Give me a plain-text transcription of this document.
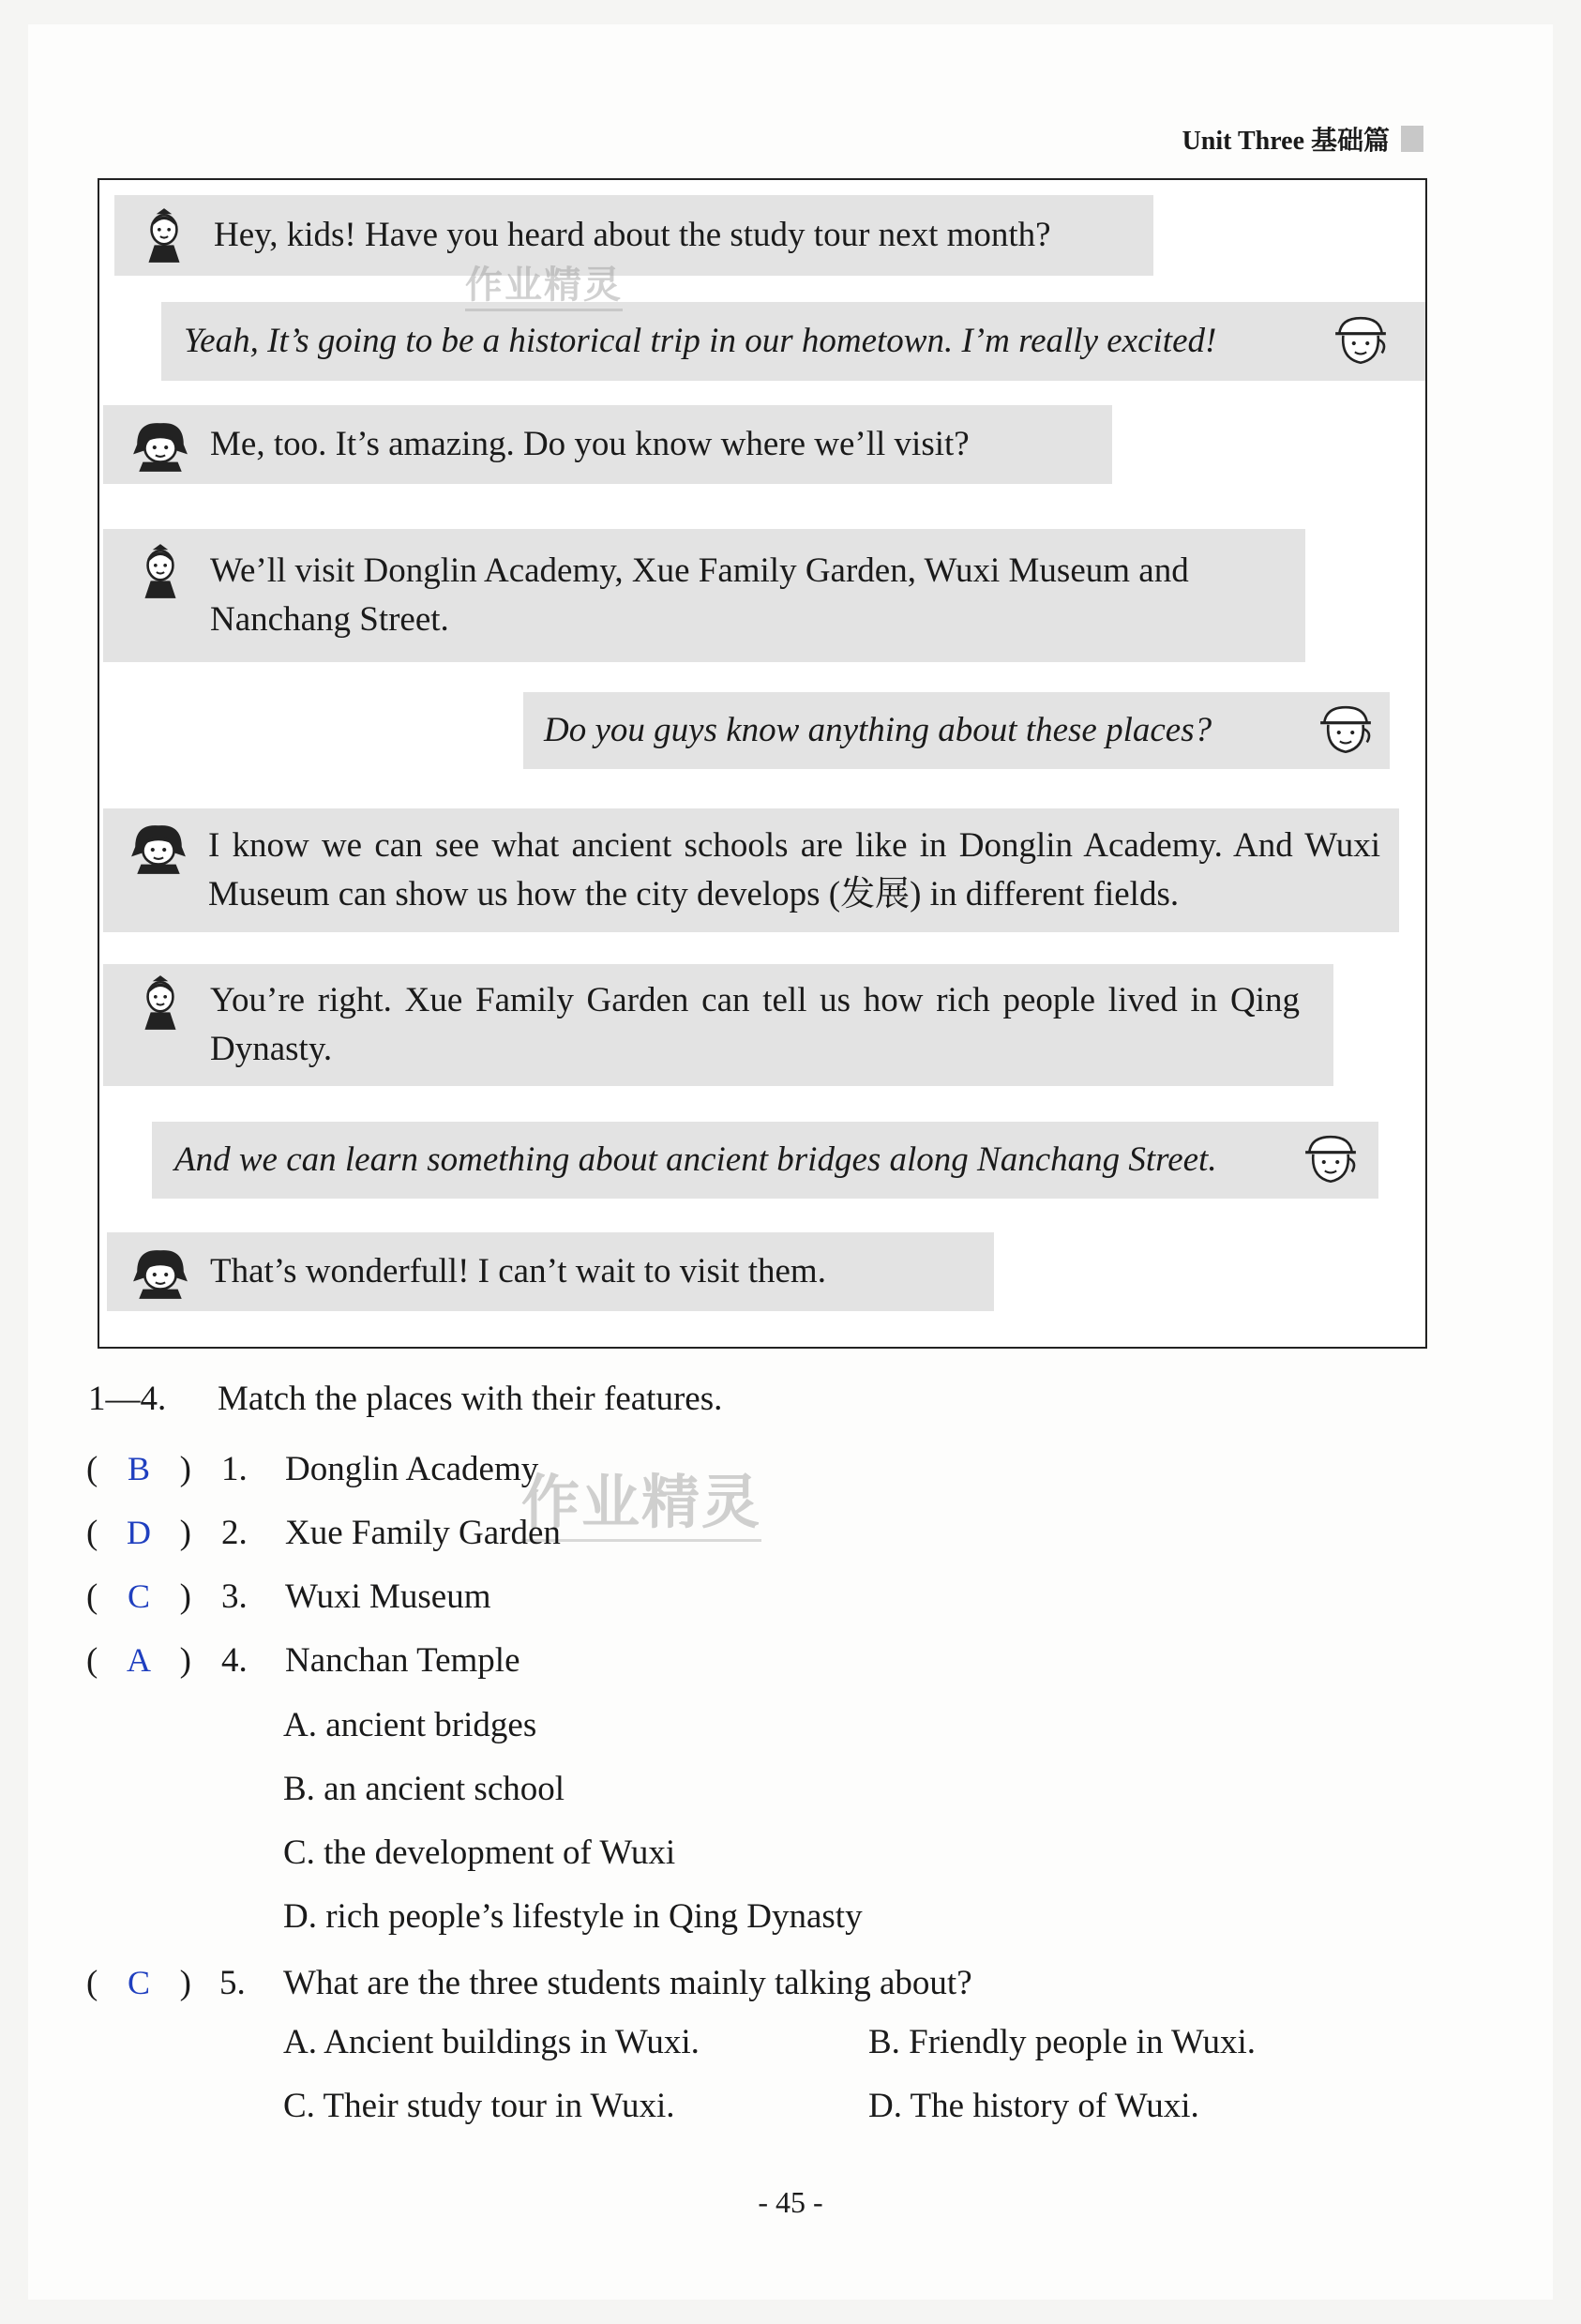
Unit Three 基础篇
Hey, kids! Have you heard about the study tour next month?
Yeah, It’s going to be a historical trip in our hometown. I’m really excited!
Me, too. It’s amazing. Do you know where we’ll visit?
We’ll visit Donglin Academy, Xue Family Garden, Wuxi Museum and Nanchang Street.
Do you guys know anything about these places?
I know we can see what ancient schools are like in Donglin Academy. And Wuxi Museum can show us how the city develops (发展) in different fields.
You’re right. Xue Family Garden can tell us how rich people lived in Qing Dynasty.
And we can learn something about ancient bridges along Nanchang Street.
That’s wonderfull! I can’t wait to visit them.
作业精灵
作业精灵
1—4. Match the places with their features.
( B ) 1.	Donglin Academy
( D ) 2.	Xue Family Garden
( C ) 3.	Wuxi Museum
( A ) 4.	Nanchan Temple
A. ancient bridges
B. an ancient school
C. the development of Wuxi
D. rich people’s lifestyle in Qing Dynasty
( C ) 5.	What are the three students mainly talking about?
A. Ancient buildings in Wuxi.	B. Friendly people in Wuxi.
C. Their study tour in Wuxi.	D. The history of Wuxi.
- 45 -
